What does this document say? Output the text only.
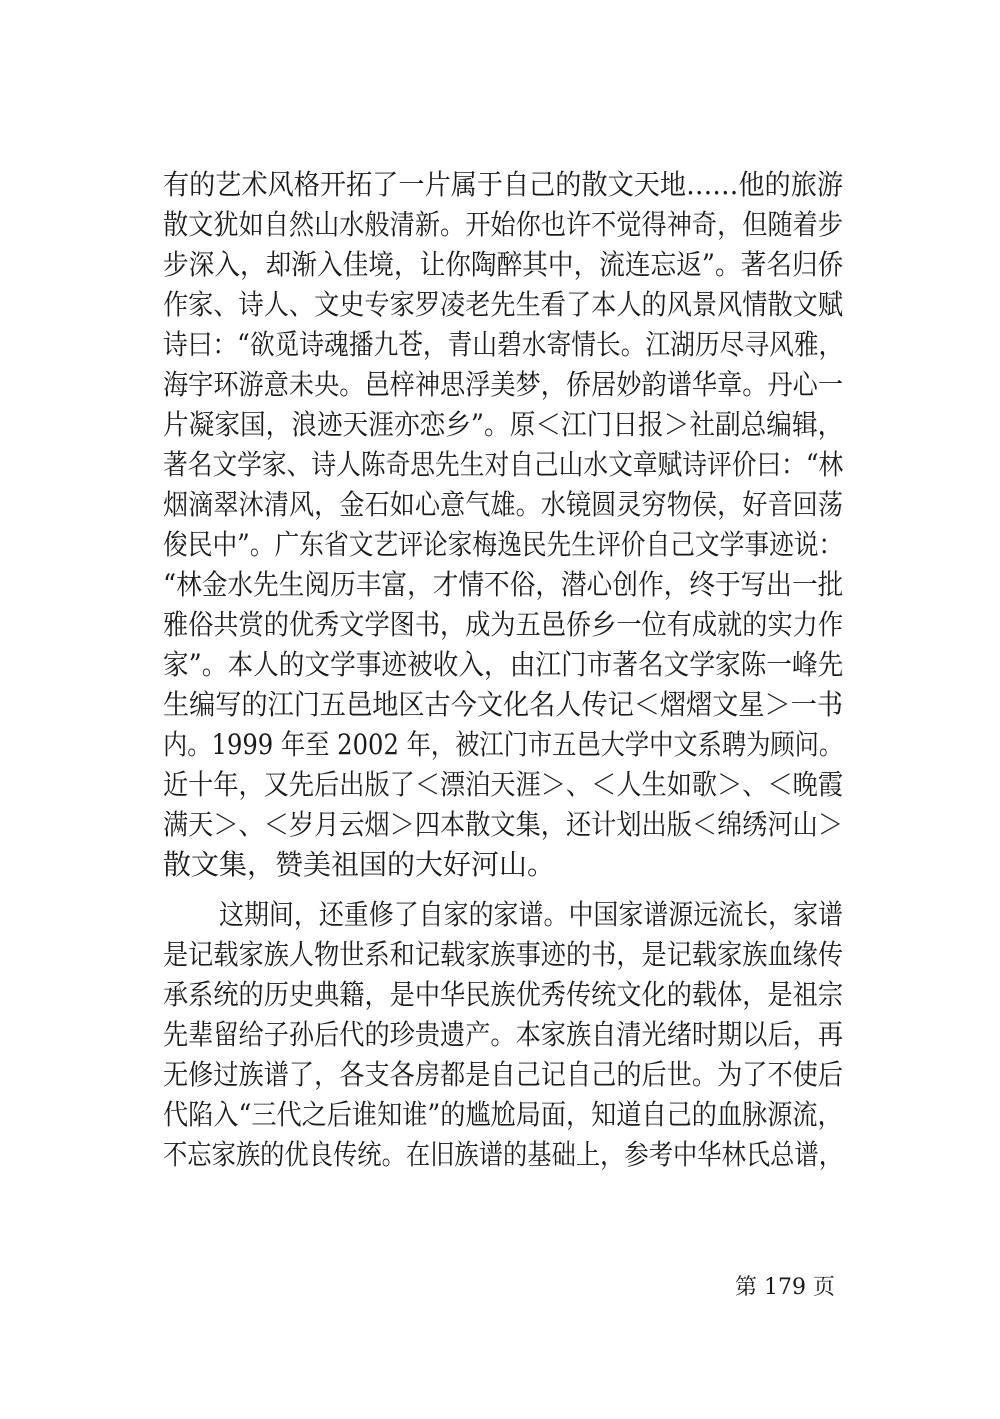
有的艺术风格开拓了一片属于自己的散文天地……他的旅游
散文犹如自然山水般清新。开始你也许不觉得神奇，但随着步
步深入，却渐入佳境，让你陶醉其中，流连忘返”。著名归侨
作家、诗人、文史专家罗凌老先生看了本人的风景风情散文赋
诗曰：“欲觅诗魂播九苍，青山碧水寄情长。江湖历尽寻风雅，
海宇环游意未央。邑梓神思浮美梦，侨居妙韵谱华章。丹心一
片凝家国，浪迹天涯亦恋乡”。原＜江门日报＞社副总编辑，
著名文学家、诗人陈奇思先生对自己山水文章赋诗评价曰：“林
烟滴翠沐清风，金石如心意气雄。水镜圆灵穷物侯，好音回荡
俊民中”。广东省文艺评论家梅逸民先生评价自己文学事迹说：
“林金水先生阅历丰富，才情不俗，潜心创作，终于写出一批
雅俗共赏的优秀文学图书，成为五邑侨乡一位有成就的实力作
家”。本人的文学事迹被收入，由江门市著名文学家陈一峰先
生编写的江门五邑地区古今文化名人传记＜熠熠文星＞一书
内。1999 年至 2002 年，被江门市五邑大学中文系聘为顾问。
近十年，又先后出版了＜漂泊天涯＞、＜人生如歌＞、＜晚霞
满天＞、＜岁月云烟＞四本散文集，还计划出版＜绵绣河山＞
散文集，赞美祖国的大好河山。
这期间，还重修了自家的家谱。中国家谱源远流长，家谱
是记载家族人物世系和记载家族事迹的书，是记载家族血缘传
承系统的历史典籍，是中华民族优秀传统文化的载体，是祖宗
先辈留给子孙后代的珍贵遗产。本家族自清光绪时期以后，再
无修过族谱了，各支各房都是自己记自己的后世。为了不使后
代陷入“三代之后谁知谁”的尴尬局面，知道自己的血脉源流，
不忘家族的优良传统。在旧族谱的基础上，参考中华林氏总谱，
第 179 页
